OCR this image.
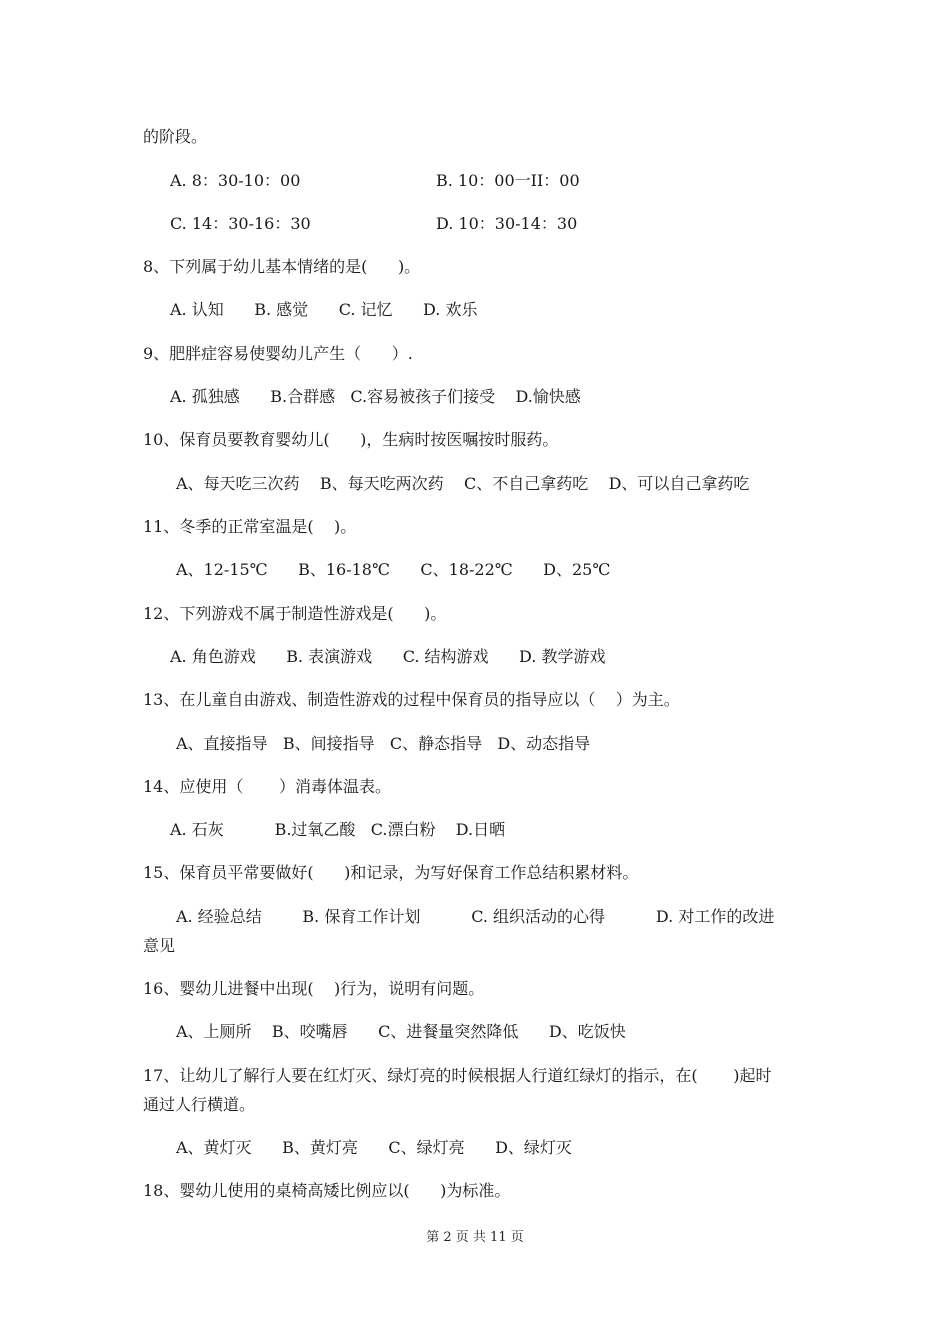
的阶段。
A. 8：30-10：00	B. 10：00一II：00
C. 14：30-16：30	D. 10：30-14：30
8、下列属于幼儿基本情绪的是(      )。
A. 认知      B. 感觉      C. 记忆      D. 欢乐
9、肥胖症容易使婴幼儿产生（      ）.
A. 孤独感      B.合群感   C.容易被孩子们接受    D.愉快感
10、保育员要教育婴幼儿(      )，生病时按医嘱按时服药。
A、每天吃三次药    B、每天吃两次药    C、不自己拿药吃    D、可以自己拿药吃
11、冬季的正常室温是(    )。
A、12-15℃      B、16-18℃      C、18-22℃      D、25℃
12、下列游戏不属于制造性游戏是(      )。
A. 角色游戏      B. 表演游戏      C. 结构游戏      D. 教学游戏
13、在儿童自由游戏、制造性游戏的过程中保育员的指导应以（    ）为主。
A、直接指导   B、间接指导   C、静态指导   D、动态指导
14、应使用（       ）消毒体温表。
A. 石灰          B.过氧乙酸   C.漂白粉    D.日晒
15、保育员平常要做好(      )和记录，为写好保育工作总结积累材料。
A. 经验总结        B. 保育工作计划          C. 组织活动的心得          D. 对工作的改进
意见
16、婴幼儿进餐中出现(    )行为，说明有问题。
A、上厕所    B、咬嘴唇      C、进餐量突然降低      D、吃饭快
17、让幼儿了解行人要在红灯灭、绿灯亮的时候根据人行道红绿灯的指示，在(       )起时
通过人行横道。
A、黄灯灭      B、黄灯亮      C、绿灯亮      D、绿灯灭
18、婴幼儿使用的桌椅高矮比例应以(      )为标准。
第 2 页 共 11 页
